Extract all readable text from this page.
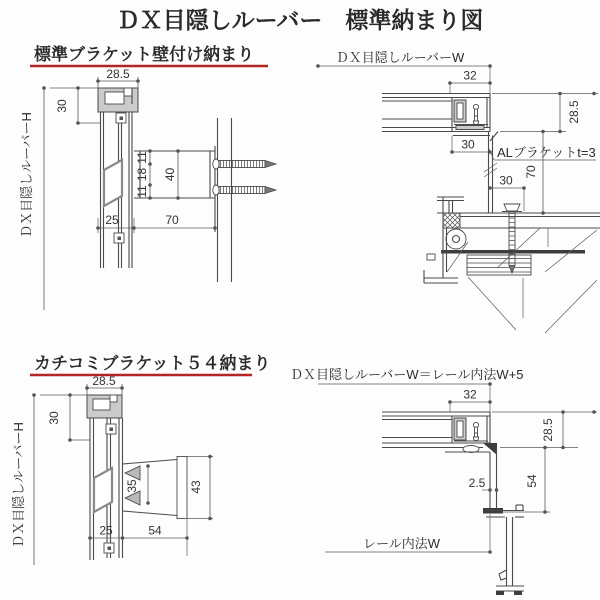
ＤＸ目隠しルーバー　標準納まり図
標準ブラケット壁付け納まり
28.5
30
ＤＸ目隠しルーバーH	11
18
11
40
25	70
ＤＸ目隠しルーバーW
32
28.5
30
ALブラケットt=3
70
30
カチコミブラケット５４納まり
28.5
30
ＤＸ目隠しルーバーH	35	43
25	54
ＤＸ目隠しルーバーW＝レール内法W+5
32
28.5
2.5	54
レール内法W
